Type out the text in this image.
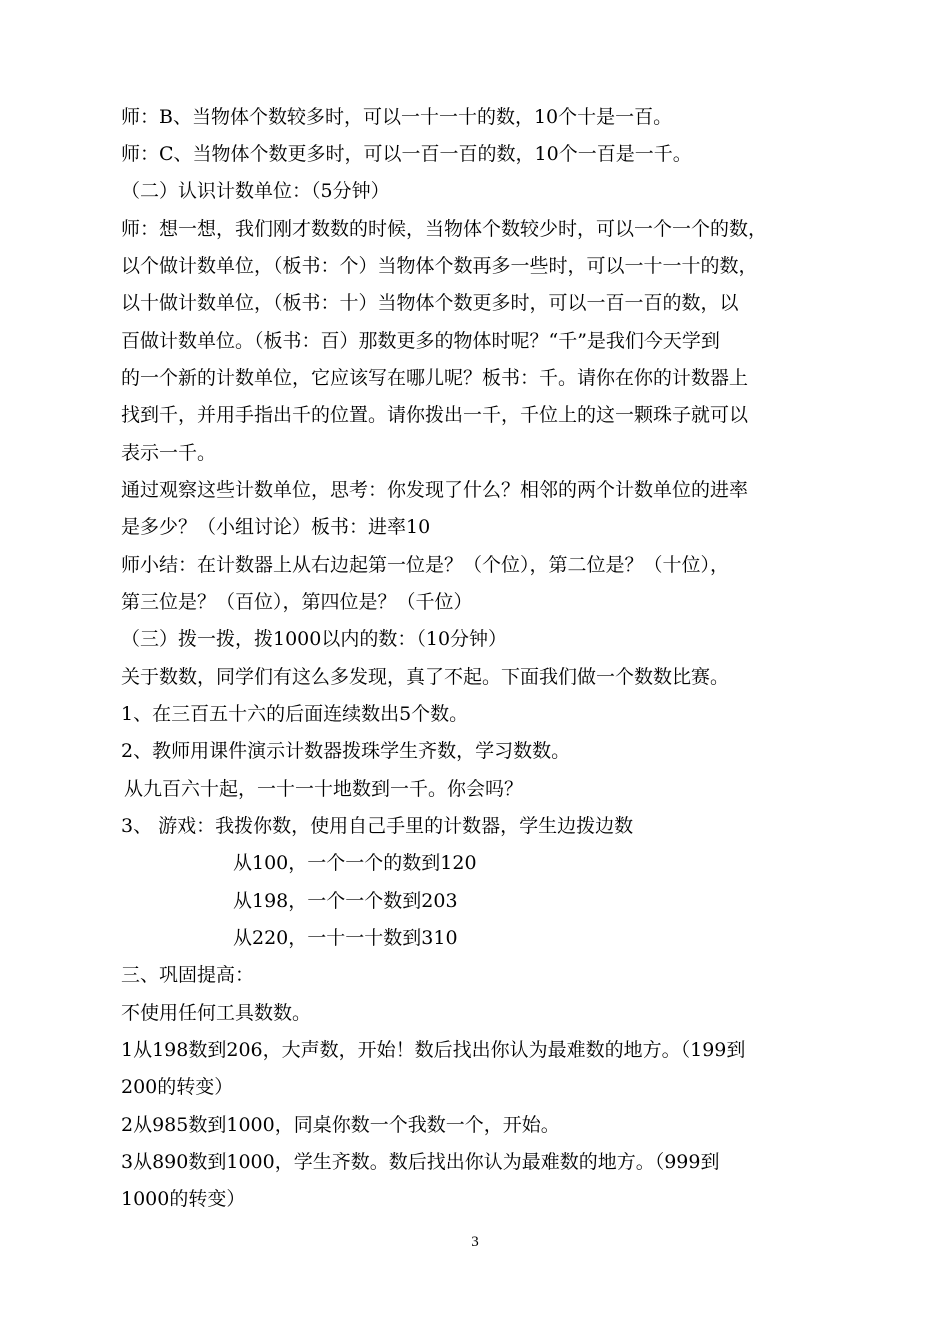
师：B、当物体个数较多时，可以一十一十的数，10个十是一百。
师：C、当物体个数更多时，可以一百一百的数，10个一百是一千。
（二）认识计数单位：（5分钟）
师：想一想，我们刚才数数的时候，当物体个数较少时，可以一个一个的数，
以个做计数单位，（板书：个）当物体个数再多一些时，可以一十一十的数，
以十做计数单位，（板书：十）当物体个数更多时，可以一百一百的数，以
百做计数单位。（板书：百）那数更多的物体时呢？“千”是我们今天学到
的一个新的计数单位，它应该写在哪儿呢？板书：千。请你在你的计数器上
找到千，并用手指出千的位置。请你拨出一千，千位上的这一颗珠子就可以
表示一千。
通过观察这些计数单位，思考：你发现了什么？相邻的两个计数单位的进率
是多少？（小组讨论）板书：进率10
师小结：在计数器上从右边起第一位是？（个位），第二位是？（十位），
第三位是？（百位），第四位是？（千位）
（三）拨一拨，拨1000以内的数：（10分钟）
关于数数，同学们有这么多发现，真了不起。下面我们做一个数数比赛。
1、在三百五十六的后面连续数出5个数。
2、教师用课件演示计数器拨珠学生齐数，学习数数。
从九百六十起，一十一十地数到一千。你会吗？
3、 游戏：我拨你数，使用自己手里的计数器，学生边拨边数
从100，一个一个的数到120
从198，一个一个数到203
从220，一十一十数到310
三、巩固提高：
不使用任何工具数数。
1从198数到206，大声数，开始！数后找出你认为最难数的地方。（199到
200的转变）
2从985数到1000，同桌你数一个我数一个，开始。
3从890数到1000，学生齐数。数后找出你认为最难数的地方。（999到
1000的转变）
3
